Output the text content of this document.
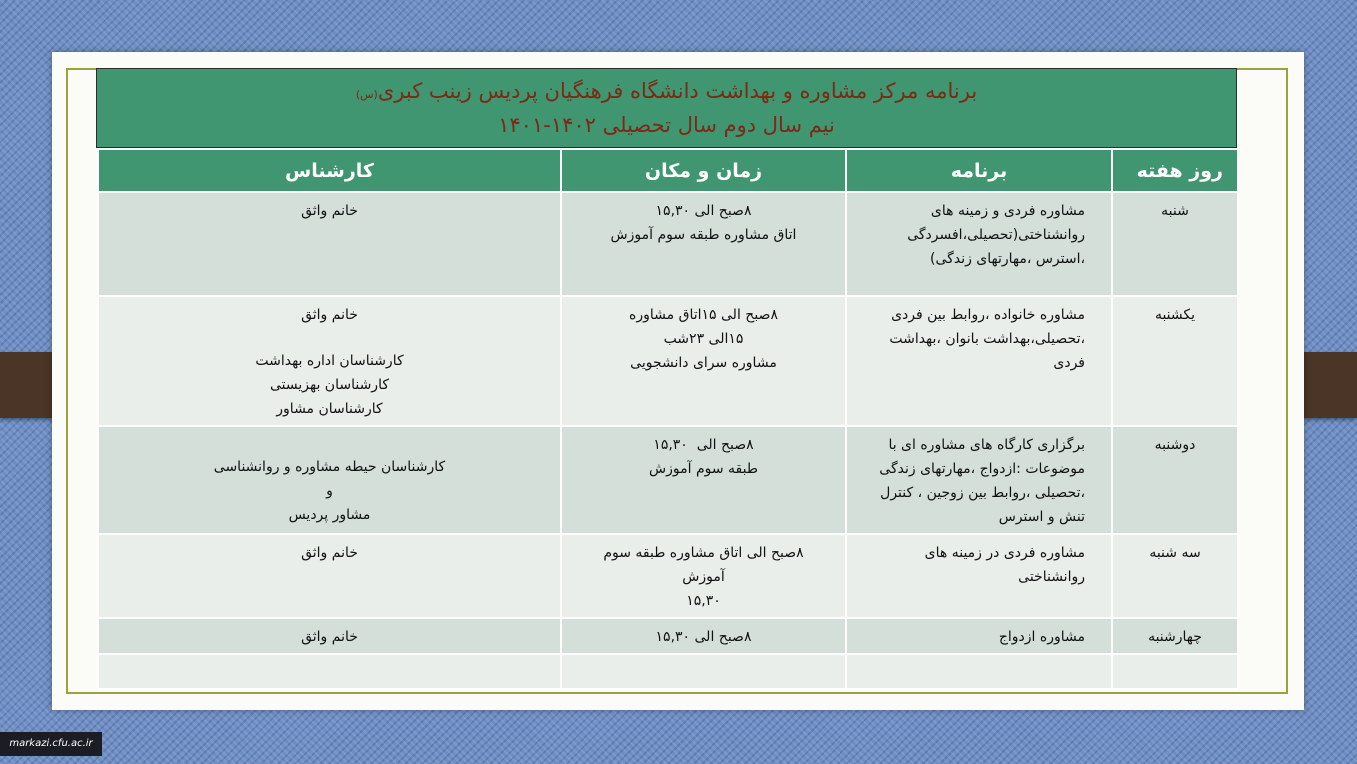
برنامه مرکز مشاوره و بهداشت دانشگاه فرهنگیان پردیس زینب کبری(س)
نیم سال دوم سال تحصیلی ۱۴۰۲-۱۴۰۱
روز هفته	برنامه	زمان و مکان	کارشناس
شنبه	مشاوره فردی و زمینه های
روانشناختی(تحصیلی،افسردگی
،استرس ،مهارتهای زندگی)	۸صبح الی ۱۵,۳۰
اتاق مشاوره طبقه سوم آموزش	خانم واثق

یکشنبه	مشاوره خانواده ،روابط بین فردی
،تحصیلی،بهداشت بانوان ،بهداشت
فردی	۸صبح الی ۱۵اتاق مشاوره
۱۵الی ۲۳شب
مشاوره سرای دانشجویی	خانم واثق
کارشناسان اداره بهداشت
کارشناسان بهزیستی
کارشناسان مشاور

دوشنبه	برگزاری کارگاه های مشاوره ای با
موضوعات :ازدواج ،مهارتهای زندگی
،تحصیلی ،روابط بین زوجین ، کنترل
تنش و استرس	۸صبح الی  ۱۵,۳۰
طبقه سوم آموزش	کارشناسان حیطه مشاوره و روانشناسی
و
مشاور پردیس

سه شنبه	مشاوره فردی در زمینه های
روانشناختی	۸صبح الی اتاق مشاوره طبقه سوم
آموزش
۱۵,۳۰	خانم واثق

چهارشنبه	مشاوره ازدواج	۸صبح الی ۱۵,۳۰	خانم واثق

markazi.cfu.ac.ir
